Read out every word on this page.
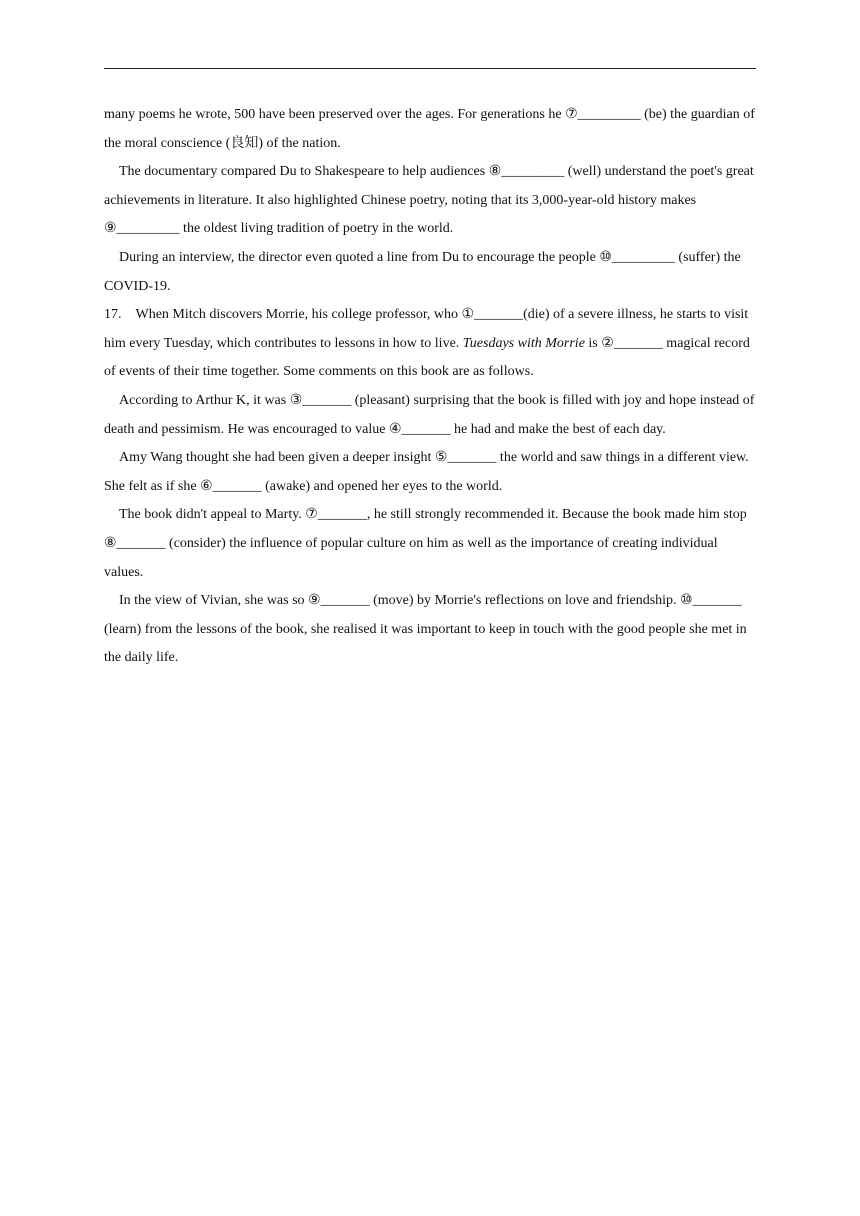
many poems he wrote, 500 have been preserved over the ages. For generations he ⑦_________ (be) the guardian of the moral conscience (良知) of the nation.

The documentary compared Du to Shakespeare to help audiences ⑧_________ (well) understand the poet's great achievements in literature. It also highlighted Chinese poetry, noting that its 3,000-year-old history makes ⑨_________ the oldest living tradition of poetry in the world.

During an interview, the director even quoted a line from Du to encourage the people ⑩_________ (suffer) the COVID-19.

17. When Mitch discovers Morrie, his college professor, who ①_______(die) of a severe illness, he starts to visit him every Tuesday, which contributes to lessons in how to live. Tuesdays with Morrie is ②_______ magical record of events of their time together. Some comments on this book are as follows.

According to Arthur K, it was ③_______ (pleasant) surprising that the book is filled with joy and hope instead of death and pessimism. He was encouraged to value ④_______ he had and make the best of each day.

Amy Wang thought she had been given a deeper insight ⑤_______ the world and saw things in a different view. She felt as if she ⑥_______ (awake) and opened her eyes to the world.

The book didn't appeal to Marty. ⑦_______, he still strongly recommended it. Because the book made him stop ⑧_______ (consider) the influence of popular culture on him as well as the importance of creating individual values.

In the view of Vivian, she was so ⑨_______ (move) by Morrie's reflections on love and friendship. ⑩_______ (learn) from the lessons of the book, she realised it was important to keep in touch with the good people she met in the daily life.
